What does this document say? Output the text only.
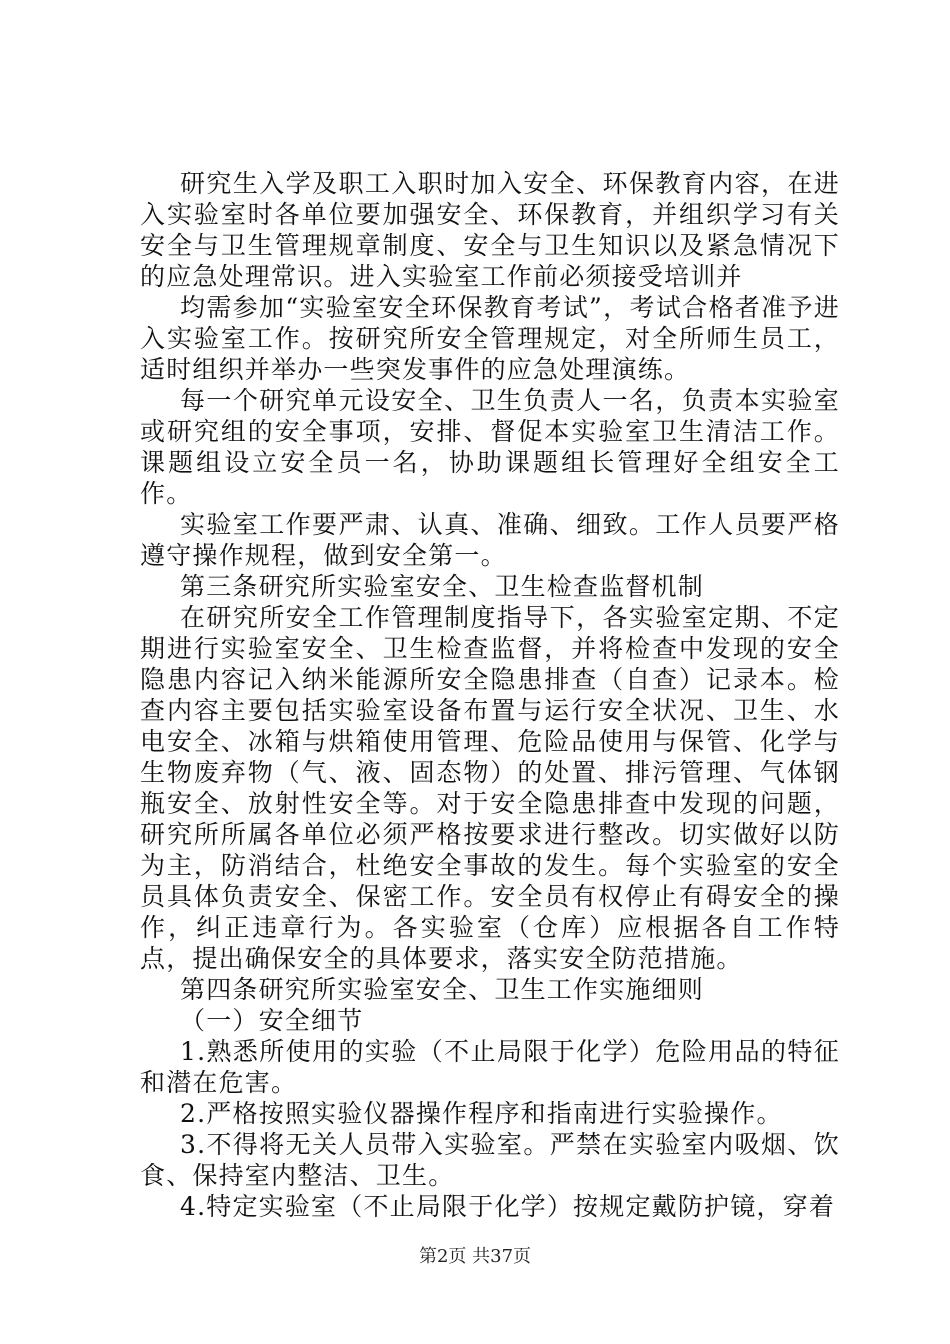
研究生入学及职工入职时加入安全、环保教育内容，在进入实验室时各单位要加强安全、环保教育，并组织学习有关安全与卫生管理规章制度、安全与卫生知识以及紧急情况下的应急处理常识。进入实验室工作前必须接受培训并

均需参加“实验室安全环保教育考试”，考试合格者准予进入实验室工作。按研究所安全管理规定，对全所师生员工，适时组织并举办一些突发事件的应急处理演练。

每一个研究单元设安全、卫生负责人一名，负责本实验室或研究组的安全事项，安排、督促本实验室卫生清洁工作。课题组设立安全员一名，协助课题组长管理好全组安全工作。

实验室工作要严肃、认真、准确、细致。工作人员要严格遵守操作规程，做到安全第一。

第三条研究所实验室安全、卫生检查监督机制

在研究所安全工作管理制度指导下，各实验室定期、不定期进行实验室安全、卫生检查监督，并将检查中发现的安全隐患内容记入纳米能源所安全隐患排查（自查）记录本。检查内容主要包括实验室设备布置与运行安全状况、卫生、水电安全、冰箱与烘箱使用管理、危险品使用与保管、化学与生物废弃物（气、液、固态物）的处置、排污管理、气体钢瓶安全、放射性安全等。对于安全隐患排查中发现的问题，研究所所属各单位必须严格按要求进行整改。切实做好以防为主，防消结合，杜绝安全事故的发生。每个实验室的安全员具体负责安全、保密工作。安全员有权停止有碍安全的操作，纠正违章行为。各实验室（仓库）应根据各自工作特点，提出确保安全的具体要求，落实安全防范措施。

第四条研究所实验室安全、卫生工作实施细则

（一）安全细节

1.熟悉所使用的实验（不止局限于化学）危险用品的特征和潜在危害。

2.严格按照实验仪器操作程序和指南进行实验操作。

3.不得将无关人员带入实验室。严禁在实验室内吸烟、饮食、保持室内整洁、卫生。

4.特定实验室（不止局限于化学）按规定戴防护镜，穿着

第2页 共37页
